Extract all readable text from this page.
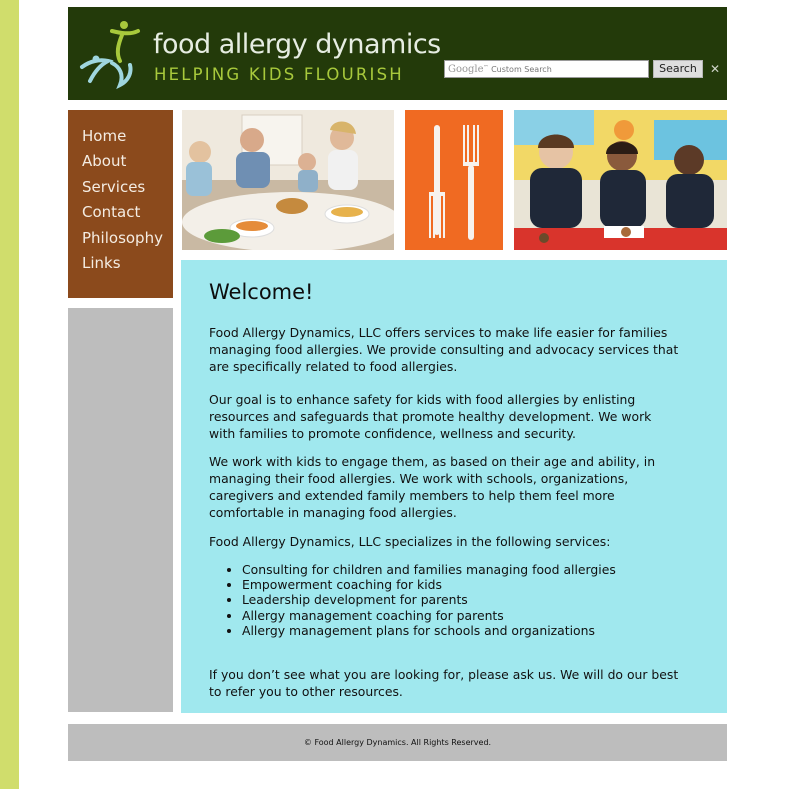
food allergy dynamics
HELPING KIDS FLOURISH	Google™ Custom Search	Search	✕
Home
About
Services
Contact
Philosophy
Links
Welcome!

Food Allergy Dynamics, LLC offers services to make life easier for families managing food allergies. We provide consulting and advocacy services that are specifically related to food allergies.

Our goal is to enhance safety for kids with food allergies by enlisting resources and safeguards that promote healthy development. We work with families to promote confidence, wellness and security.

We work with kids to engage them, as based on their age and ability, in managing their food allergies. We work with schools, organizations, caregivers and extended family members to help them feel more comfortable in managing food allergies.

Food Allergy Dynamics, LLC specializes in the following services:

• Consulting for children and families managing food allergies
• Empowerment coaching for kids
• Leadership development for parents
• Allergy management coaching for parents
• Allergy management plans for schools and organizations

If you don’t see what you are looking for, please ask us. We will do our best to refer you to other resources.

© Food Allergy Dynamics. All Rights Reserved.
